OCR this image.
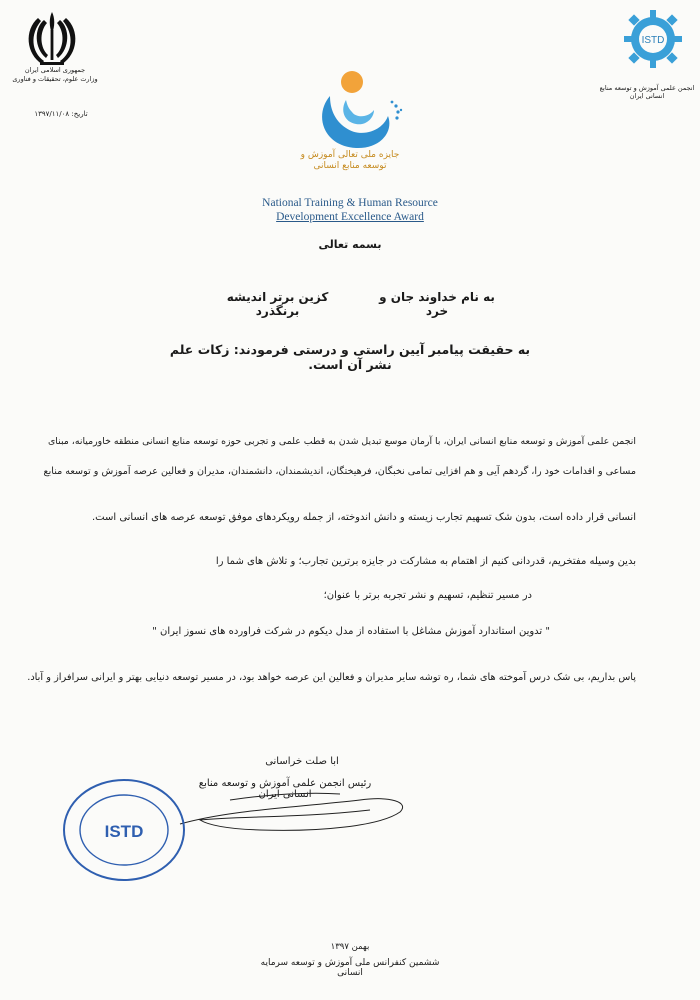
جمهوری اسلامی ایران
وزارت علوم، تحقیقات و فناوری
تاریخ: ۱۳۹۷/۱۱/۰۸
ISTD
انجمن علمی آموزش و توسعه منابع انسانی ایران
جایزه ملی تعالی آموزش و
توسعه منابع انسانی
National Training & Human Resource
Development Excellence Award
بسمه تعالی
به نام خداوند جان و خرد
کزین برتر اندیشه برنگذرد
به حقیقت پیامبر آیین راستی و درستی فرمودند: زکات علم نشر آن است.
انجمن علمی آموزش و توسعه منابع انسانی ایران، با آرمان موسع تبدیل شدن به قطب علمی و تجربی حوزه توسعه منابع انسانی منطقه خاورمیانه، مبنای
مساعی و اقدامات خود را، گردهم آیی و هم افزایی تمامی نخبگان، فرهیختگان، اندیشمندان، دانشمندان، مدیران و فعالین عرصه آموزش و توسعه منابع
انسانی قرار داده است، بدون شک تسهیم تجارب زیسته و دانش اندوخته، از جمله رویکردهای موفق توسعه عرصه های انسانی است.
بدین وسیله مفتخریم، قدردانی کنیم از اهتمام به مشارکت در جایزه برترین تجارب؛ و تلاش های شما را
در مسیر تنظیم، تسهیم و نشر تجربه برتر با عنوان؛
" تدوین استاندارد آموزش مشاغل با استفاده از مدل دیکوم در شرکت فراورده های نسوز ایران "
پاس بداریم، بی شک درس آموخته های شما، ره توشه سایر مدیران و فعالین این عرصه خواهد بود، در مسیر توسعه دنیایی بهتر و ایرانی سرافراز و آباد.
ابا صلت خراسانی
رئیس انجمن علمی آموزش و توسعه منابع انسانی ایران
ISTD
بهمن ۱۳۹۷
ششمین کنفرانس ملی آموزش و توسعه سرمایه انسانی
